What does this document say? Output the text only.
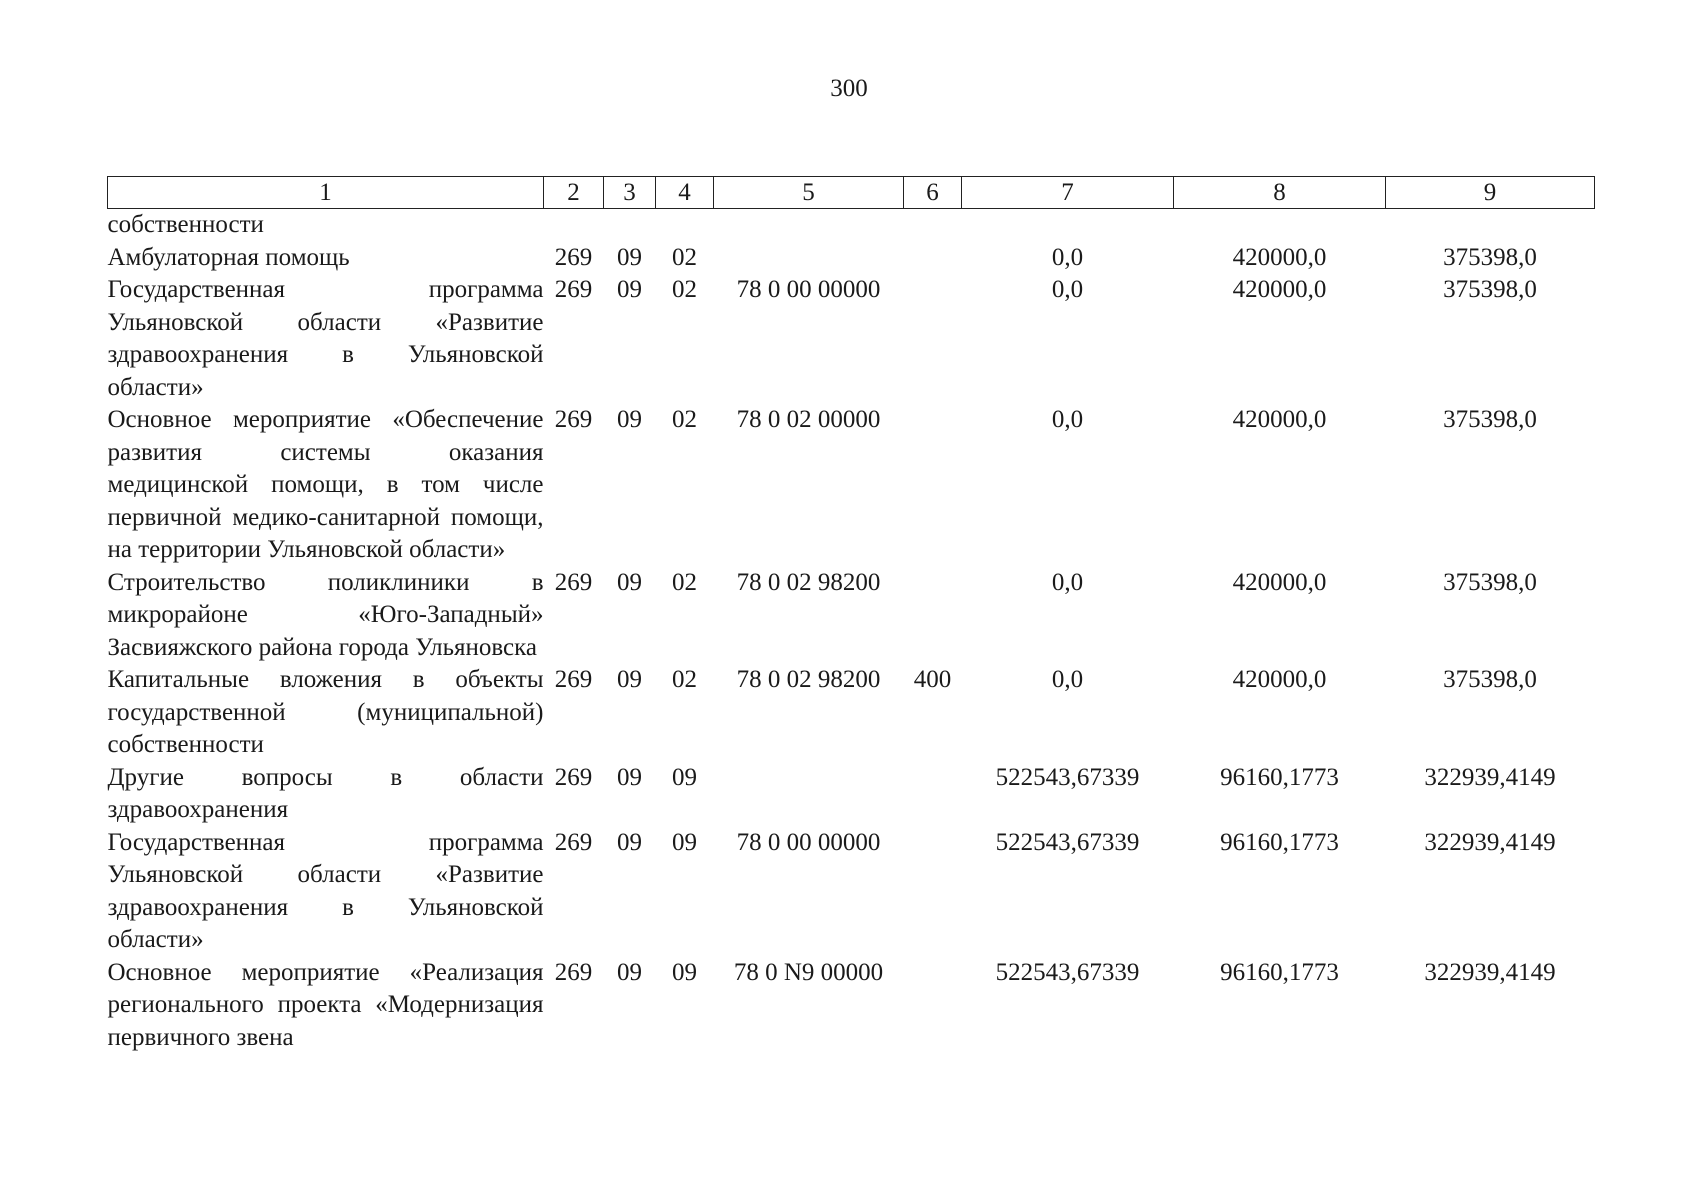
300
1	2	3	4	5	6	7	8	9
собственности								
Амбулаторная помощь	269	09	02			0,0	420000,0	375398,0
Государственная программа Ульяновской области «Развитие здравоохранения в Ульяновской области»	269	09	02	78 0 00 00000		0,0	420000,0	375398,0
Основное мероприятие «Обеспечение развития системы оказания медицинской помощи, в том числе первичной медико-санитарной помощи, на территории Ульяновской области»	269	09	02	78 0 02 00000		0,0	420000,0	375398,0
Строительство поликлиники в микрорайоне «Юго-Западный» Засвияжского района города Ульяновска	269	09	02	78 0 02 98200		0,0	420000,0	375398,0
Капитальные вложения в объекты государственной (муниципальной) собственности	269	09	02	78 0 02 98200	400	0,0	420000,0	375398,0
Другие вопросы в области здравоохранения	269	09	09			522543,67339	96160,1773	322939,4149
Государственная программа Ульяновской области «Развитие здравоохранения в Ульяновской области»	269	09	09	78 0 00 00000		522543,67339	96160,1773	322939,4149
Основное мероприятие «Реализация регионального проекта «Модернизация первичного звена	269	09	09	78 0 N9 00000		522543,67339	96160,1773	322939,4149
